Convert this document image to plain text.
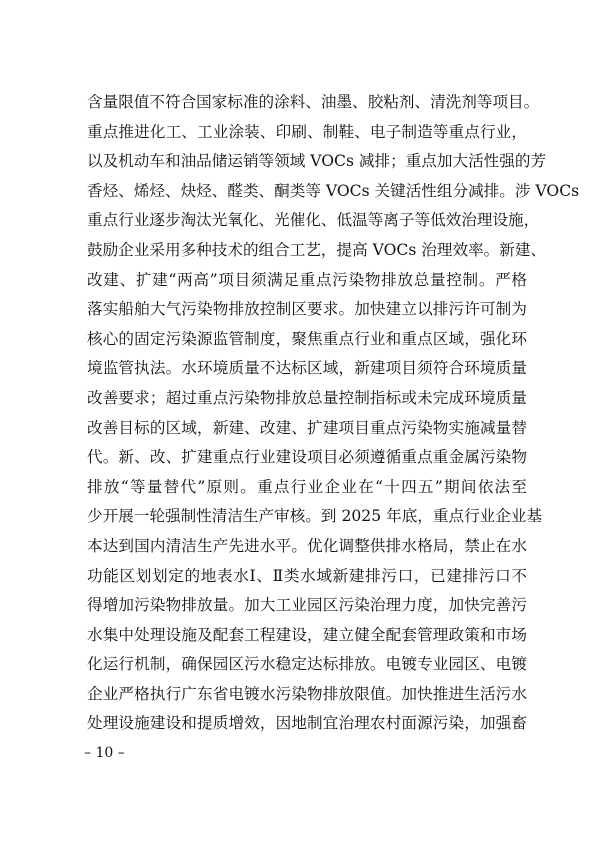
含量限值不符合国家标准的涂料、油墨、胶粘剂、清洗剂等项目。
重点推进化工、工业涂装、印刷、制鞋、电子制造等重点行业，
以及机动车和油品储运销等领域 VOCs 减排；重点加大活性强的芳
香烃、烯烃、炔烃、醛类、酮类等 VOCs 关键活性组分减排。涉 VOCs
重点行业逐步淘汰光氧化、光催化、低温等离子等低效治理设施，
鼓励企业采用多种技术的组合工艺，提高 VOCs 治理效率。新建、
改建、扩建“两高”项目须满足重点污染物排放总量控制。严格
落实船舶大气污染物排放控制区要求。加快建立以排污许可制为
核心的固定污染源监管制度，聚焦重点行业和重点区域，强化环
境监管执法。水环境质量不达标区域，新建项目须符合环境质量
改善要求；超过重点污染物排放总量控制指标或未完成环境质量
改善目标的区域，新建、改建、扩建项目重点污染物实施减量替
代。新、改、扩建重点行业建设项目必须遵循重点重金属污染物
排放“等量替代”原则。重点行业企业在“十四五”期间依法至
少开展一轮强制性清洁生产审核。到 2025 年底，重点行业企业基
本达到国内清洁生产先进水平。优化调整供排水格局，禁止在水
功能区划划定的地表水Ⅰ、Ⅱ类水域新建排污口，已建排污口不
得增加污染物排放量。加大工业园区污染治理力度，加快完善污
水集中处理设施及配套工程建设，建立健全配套管理政策和市场
化运行机制，确保园区污水稳定达标排放。电镀专业园区、电镀
企业严格执行广东省电镀水污染物排放限值。加快推进生活污水
处理设施建设和提质增效，因地制宜治理农村面源污染，加强畜
– 10 –
